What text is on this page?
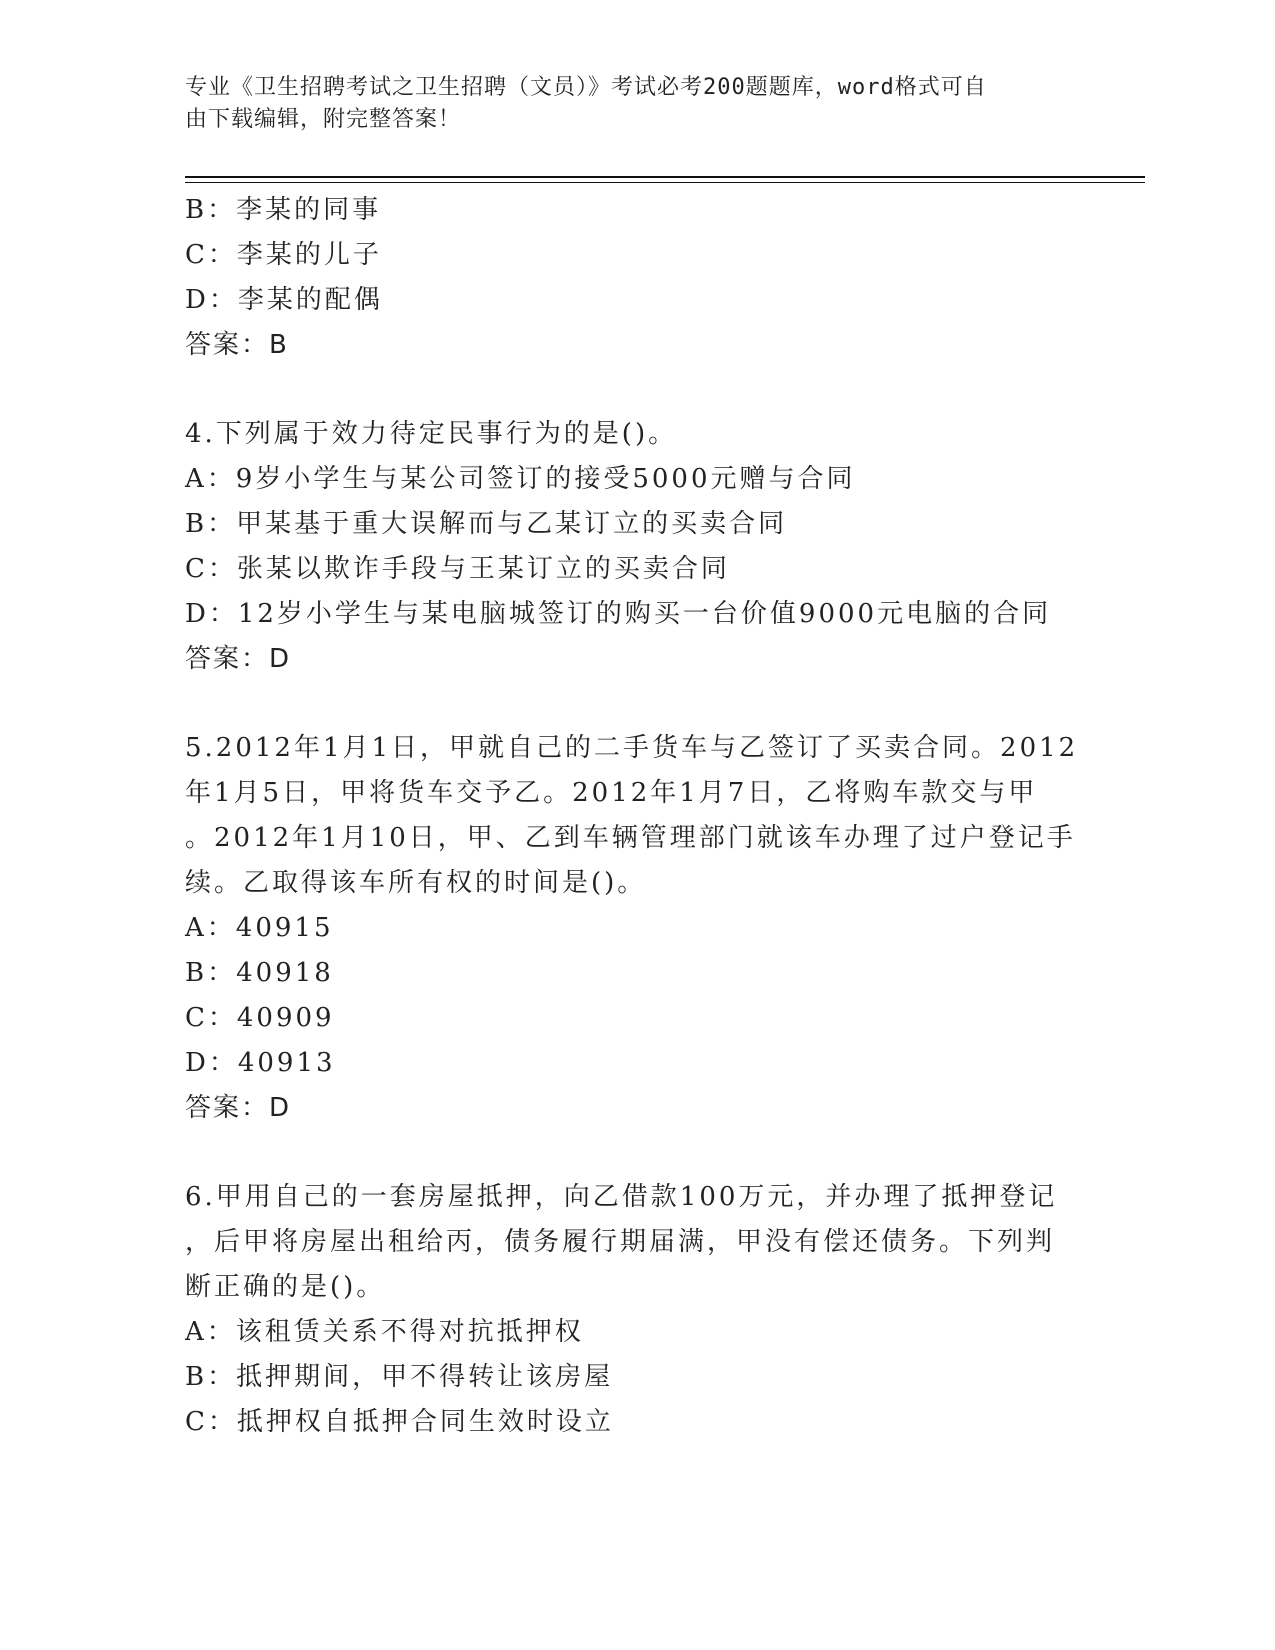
专业《卫生招聘考试之卫生招聘（文员）》考试必考200题题库，word格式可自
由下载编辑，附完整答案！
B：李某的同事
C：李某的儿子
D：李某的配偶
答案：B
4.下列属于效力待定民事行为的是()。
A：9岁小学生与某公司签订的接受5000元赠与合同
B：甲某基于重大误解而与乙某订立的买卖合同
C：张某以欺诈手段与王某订立的买卖合同
D：12岁小学生与某电脑城签订的购买一台价值9000元电脑的合同
答案：D
5.2012年1月1日，甲就自己的二手货车与乙签订了买卖合同。2012
年1月5日，甲将货车交予乙。2012年1月7日，乙将购车款交与甲
。2012年1月10日，甲、乙到车辆管理部门就该车办理了过户登记手
续。乙取得该车所有权的时间是()。
A：40915
B：40918
C：40909
D：40913
答案：D
6.甲用自己的一套房屋抵押，向乙借款100万元，并办理了抵押登记
，后甲将房屋出租给丙，债务履行期届满，甲没有偿还债务。下列判
断正确的是()。
A：该租赁关系不得对抗抵押权
B：抵押期间，甲不得转让该房屋
C：抵押权自抵押合同生效时设立
